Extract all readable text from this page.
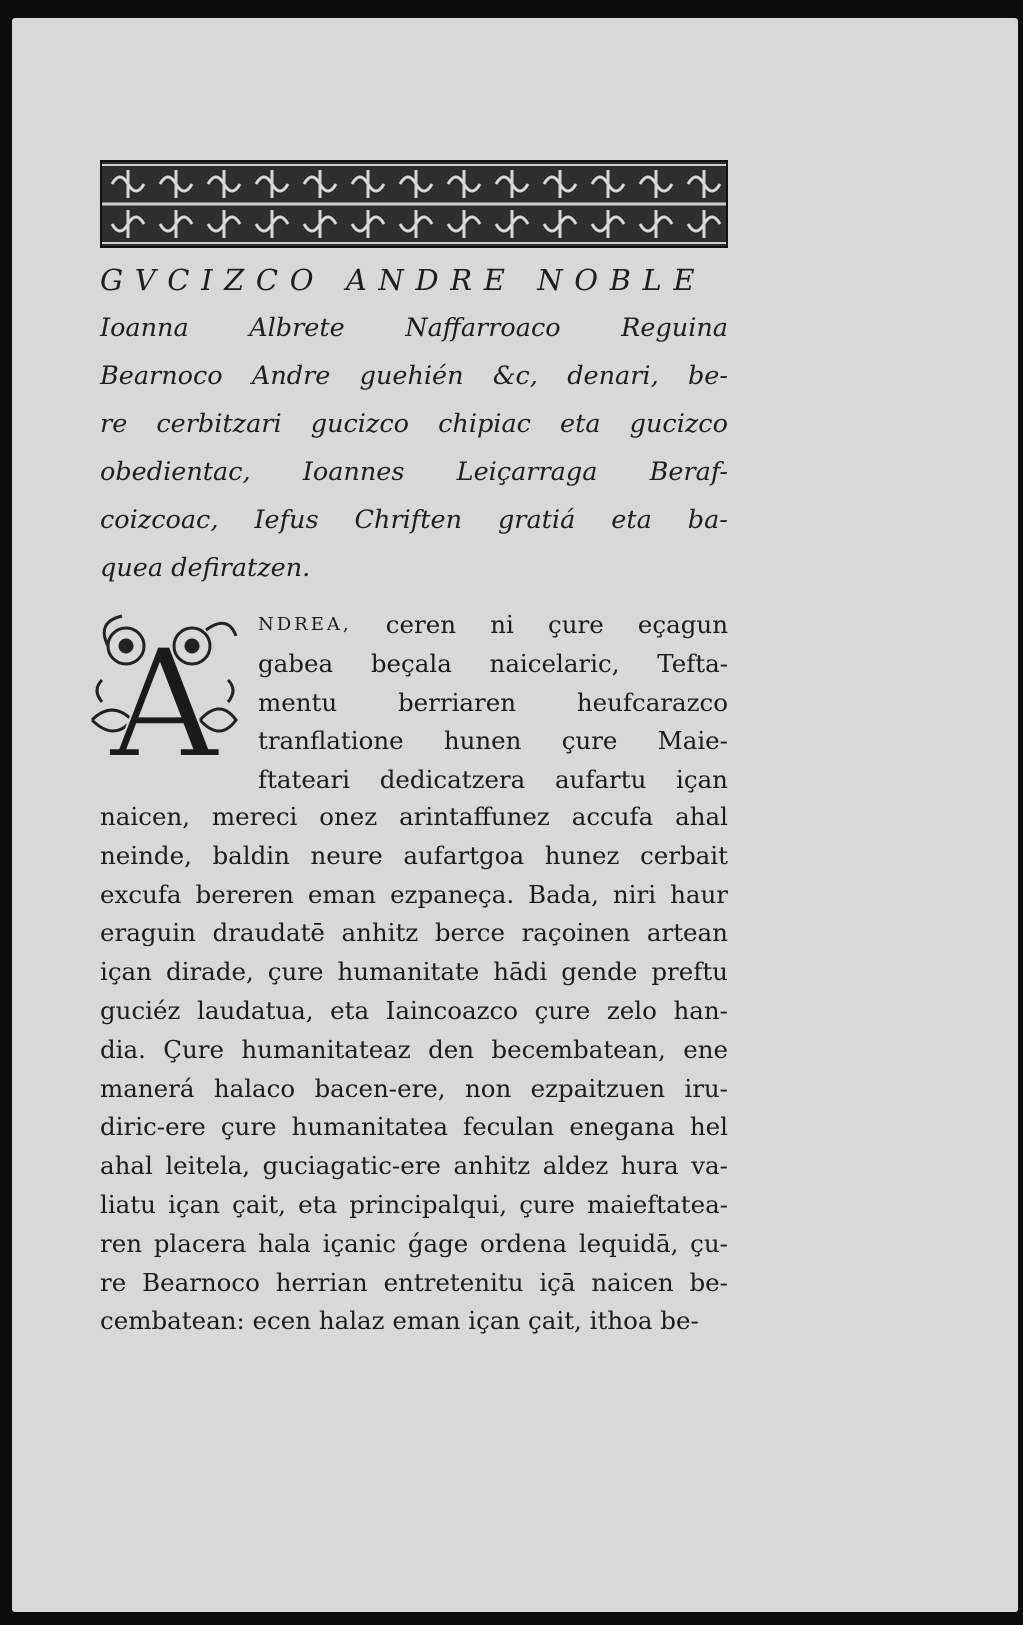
GVCIZCO ANDRE NOBLE
Ioanna Albrete Naffarroaco Reguina
Bearnoco Andre guehién &c, denari, be-
re cerbitzari gucizco chipiac eta gucizco
obedientac, Ioannes Leiçarraga Beraf-
coizcoac, Iefus Chriften gratiá eta ba-
quea
defiratzen.
A NDREA, ceren ni çure eçagun
gabea beçala naicelaric, Tefta-
mentu berriaren heufcarazco
tranflatione hunen çure Maie-
ftateari dedicatzera aufartu içan
naicen, mereci onez arintaffunez accufa ahal
neinde, baldin neure aufartgoa hunez cerbait
excufa bereren eman ezpaneça. Bada, niri haur
eraguin draudatē anhitz berce raçoinen artean
içan dirade, çure humanitate hādi gende preftu
guciéz laudatua, eta Iaincoazco çure zelo han-
dia. Çure humanitateaz den becembatean, ene
manerá halaco bacen-ere, non ezpaitzuen iru-
diric-ere çure humanitatea feculan enegana hel
ahal leitela, guciagatic-ere anhitz aldez hura va-
liatu içan çait, eta principalqui, çure maieftatea-
ren placera hala içanic ǵage ordena lequidā, çu-
re Bearnoco herrian entretenitu içā naicen be-
cembatean:
ecen
halaz
eman
içan
çait,
ithoa
be-
